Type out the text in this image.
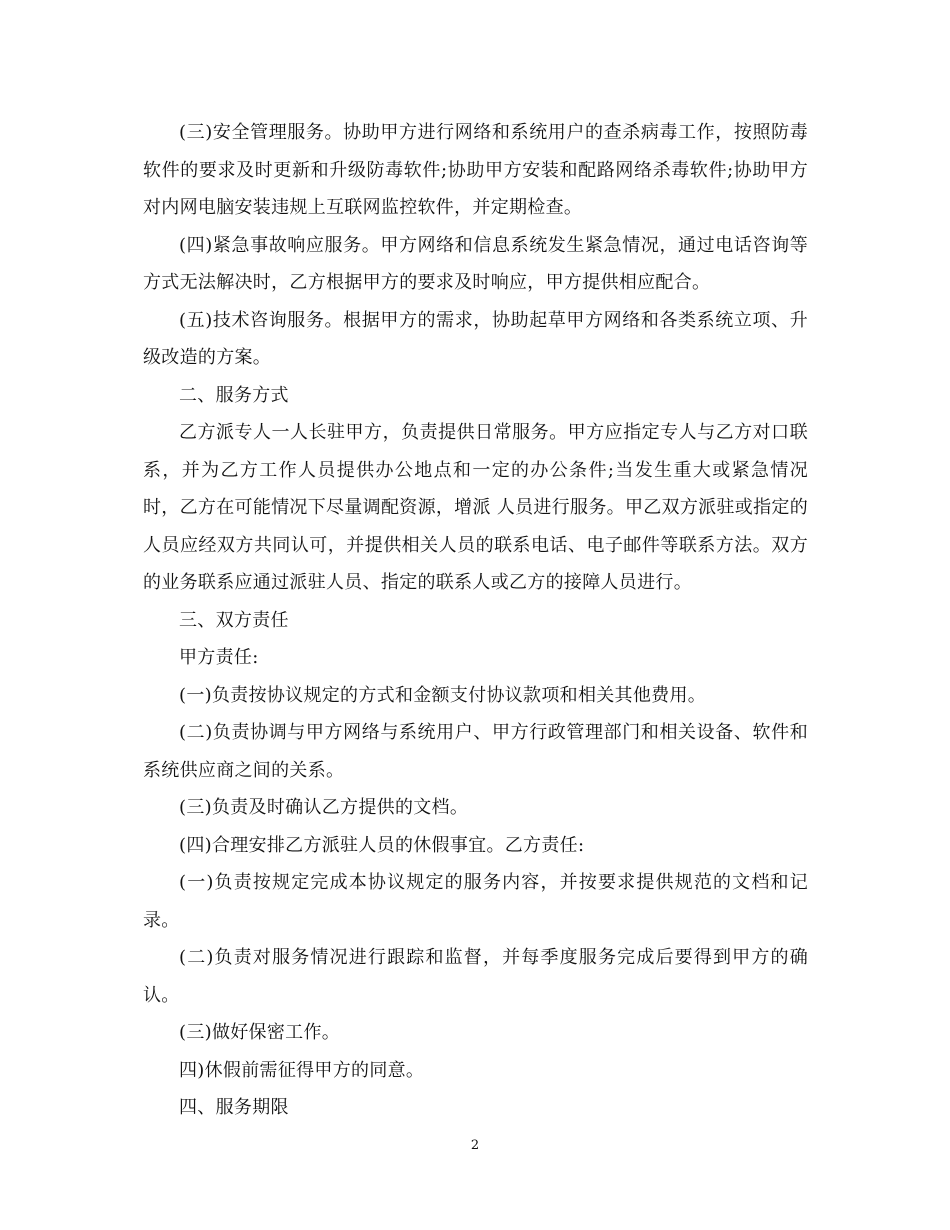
(三)安全管理服务。协助甲方进行网络和系统用户的查杀病毒工作，按照防毒软件的要求及时更新和升级防毒软件;协助甲方安装和配路网络杀毒软件;协助甲方对内网电脑安装违规上互联网监控软件，并定期检查。

(四)紧急事故响应服务。甲方网络和信息系统发生紧急情况，通过电话咨询等方式无法解决时，乙方根据甲方的要求及时响应，甲方提供相应配合。

(五)技术咨询服务。根据甲方的需求，协助起草甲方网络和各类系统立项、升级改造的方案。

二、服务方式

乙方派专人一人长驻甲方，负责提供日常服务。甲方应指定专人与乙方对口联系，并为乙方工作人员提供办公地点和一定的办公条件;当发生重大或紧急情况时，乙方在可能情况下尽量调配资源，增派 人员进行服务。甲乙双方派驻或指定的人员应经双方共同认可，并提供相关人员的联系电话、电子邮件等联系方法。双方的业务联系应通过派驻人员、指定的联系人或乙方的接障人员进行。

三、双方责任

甲方责任:

(一)负责按协议规定的方式和金额支付协议款项和相关其他费用。

(二)负责协调与甲方网络与系统用户、甲方行政管理部门和相关设备、软件和系统供应商之间的关系。

(三)负责及时确认乙方提供的文档。

(四)合理安排乙方派驻人员的休假事宜。乙方责任:

(一)负责按规定完成本协议规定的服务内容，并按要求提供规范的文档和记录。

(二)负责对服务情况进行跟踪和监督，并每季度服务完成后要得到甲方的确认。

(三)做好保密工作。

四)休假前需征得甲方的同意。

四、服务期限

2
